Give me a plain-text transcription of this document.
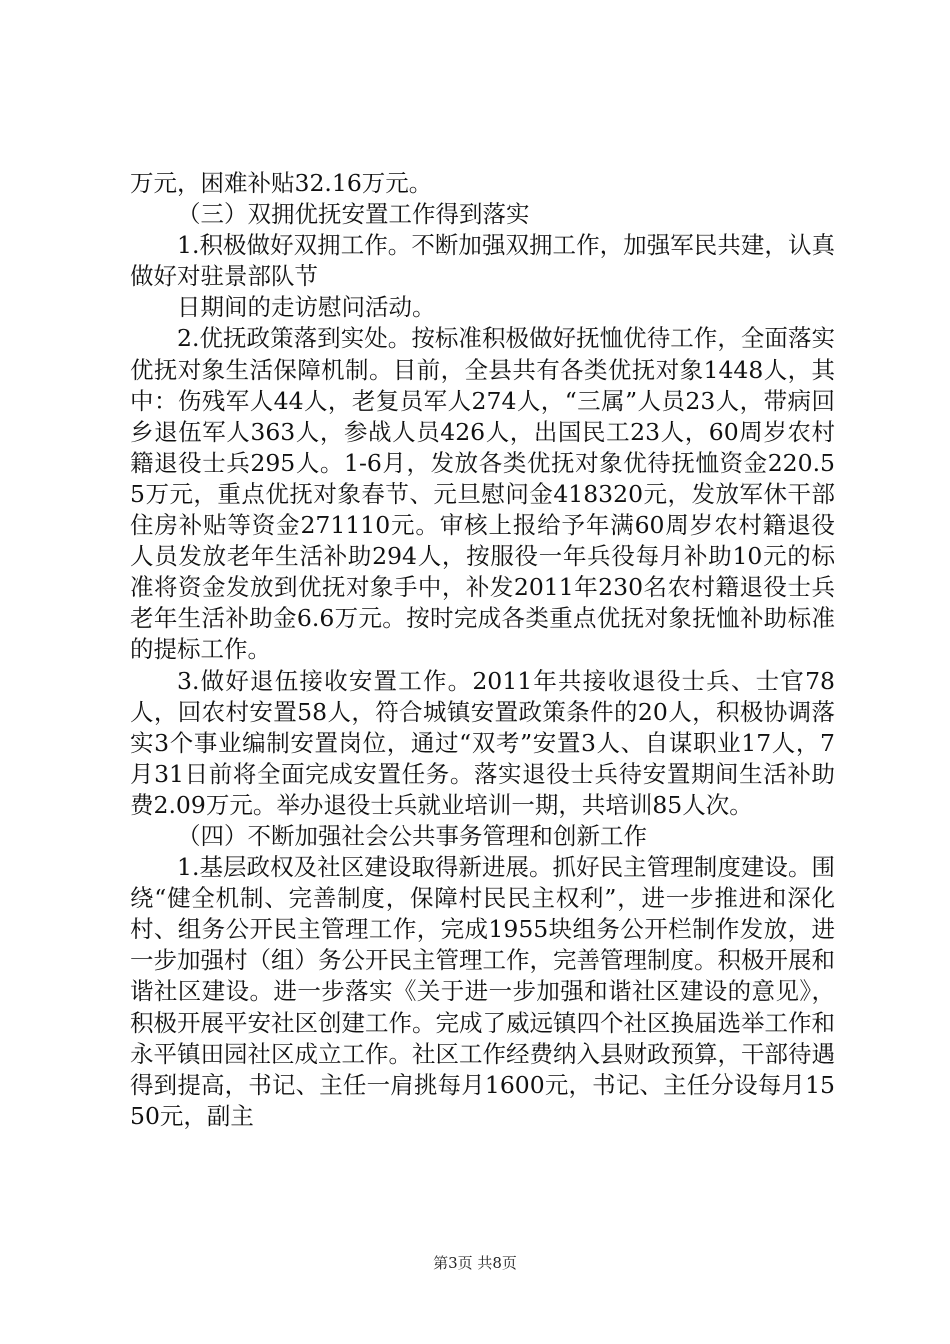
万元，困难补贴32.16万元。

（三）双拥优抚安置工作得到落实

1.积极做好双拥工作。不断加强双拥工作，加强军民共建，认真做好对驻景部队节

日期间的走访慰问活动。

2.优抚政策落到实处。按标准积极做好抚恤优待工作，全面落实优抚对象生活保障机制。目前，全县共有各类优抚对象1448人，其中：伤残军人44人，老复员军人274人，“三属”人员23人，带病回乡退伍军人363人，参战人员426人，出国民工23人，60周岁农村籍退役士兵295人。1-6月，发放各类优抚对象优待抚恤资金220.55万元，重点优抚对象春节、元旦慰问金418320元，发放军休干部住房补贴等资金271110元。审核上报给予年满60周岁农村籍退役人员发放老年生活补助294人，按服役一年兵役每月补助10元的标准将资金发放到优抚对象手中，补发2011年230名农村籍退役士兵老年生活补助金6.6万元。按时完成各类重点优抚对象抚恤补助标准的提标工作。

3.做好退伍接收安置工作。2011年共接收退役士兵、士官78人，回农村安置58人，符合城镇安置政策条件的20人，积极协调落实3个事业编制安置岗位，通过“双考”安置3人、自谋职业17人，7月31日前将全面完成安置任务。落实退役士兵待安置期间生活补助费2.09万元。举办退役士兵就业培训一期，共培训85人次。

（四）不断加强社会公共事务管理和创新工作

1.基层政权及社区建设取得新进展。抓好民主管理制度建设。围绕“健全机制、完善制度，保障村民民主权利”，进一步推进和深化村、组务公开民主管理工作，完成1955块组务公开栏制作发放，进一步加强村（组）务公开民主管理工作，完善管理制度。积极开展和谐社区建设。进一步落实《关于进一步加强和谐社区建设的意见》，积极开展平安社区创建工作。完成了威远镇四个社区换届选举工作和永平镇田园社区成立工作。社区工作经费纳入县财政预算，干部待遇得到提高，书记、主任一肩挑每月1600元，书记、主任分设每月1550元，副主

第3页 共8页
